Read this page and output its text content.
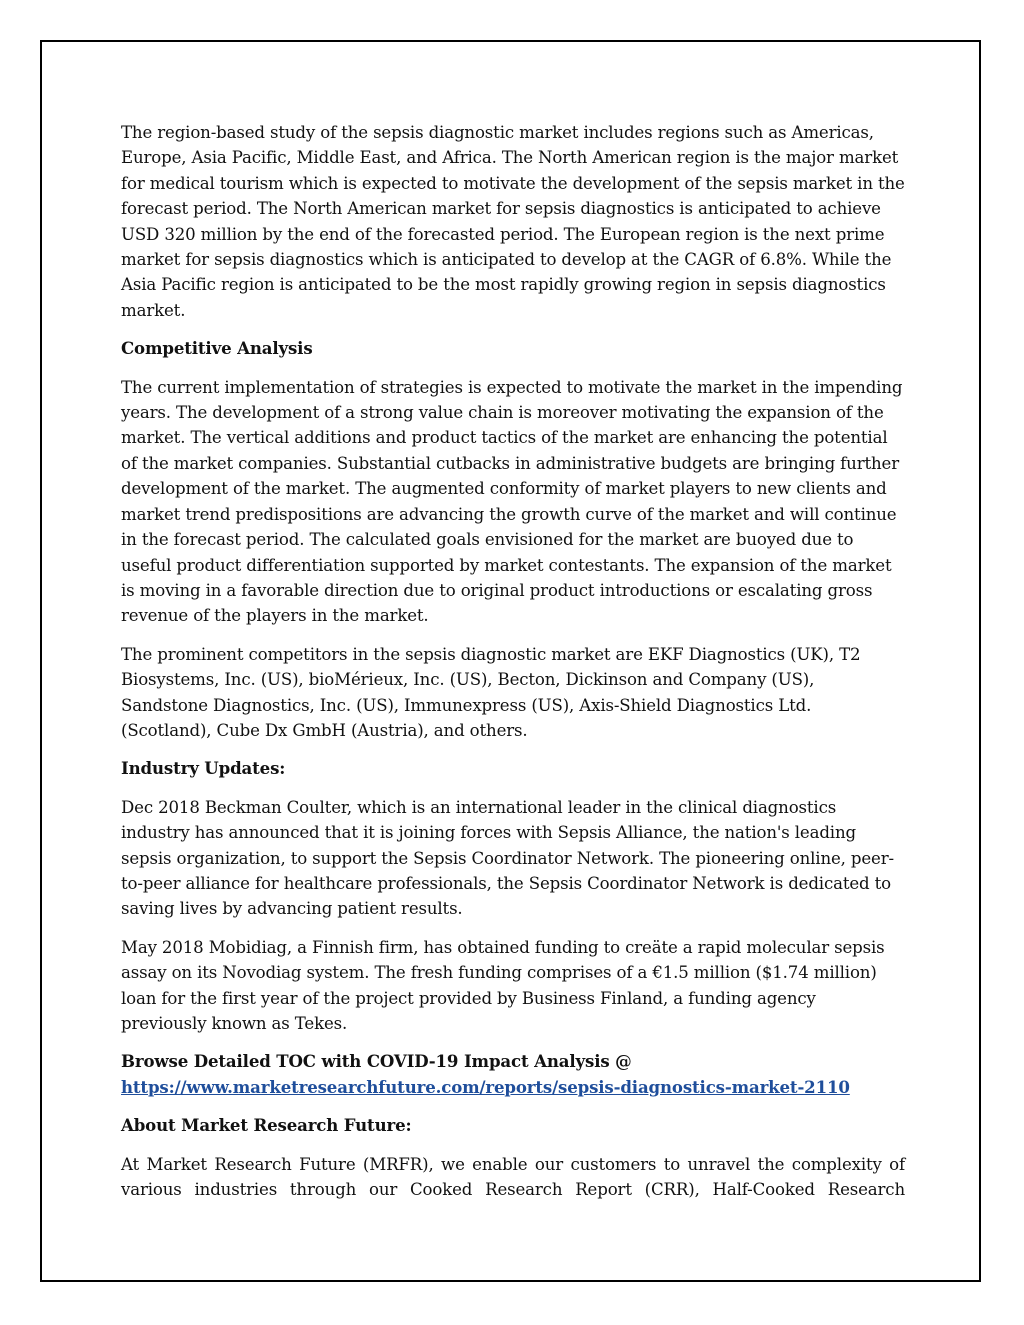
The region-based study of the sepsis diagnostic market includes regions such as Americas, Europe, Asia Pacific, Middle East, and Africa. The North American region is the major market for medical tourism which is expected to motivate the development of the sepsis market in the forecast period. The North American market for sepsis diagnostics is anticipated to achieve USD 320 million by the end of the forecasted period. The European region is the next prime market for sepsis diagnostics which is anticipated to develop at the CAGR of 6.8%. While the Asia Pacific region is anticipated to be the most rapidly growing region in sepsis diagnostics market.

Competitive Analysis

The current implementation of strategies is expected to motivate the market in the impending years. The development of a strong value chain is moreover motivating the expansion of the market. The vertical additions and product tactics of the market are enhancing the potential of the market companies. Substantial cutbacks in administrative budgets are bringing further development of the market. The augmented conformity of market players to new clients and market trend predispositions are advancing the growth curve of the market and will continue in the forecast period. The calculated goals envisioned for the market are buoyed due to useful product differentiation supported by market contestants. The expansion of the market is moving in a favorable direction due to original product introductions or escalating gross revenue of the players in the market.

The prominent competitors in the sepsis diagnostic market are EKF Diagnostics (UK), T2 Biosystems, Inc. (US), bioMérieux, Inc. (US), Becton, Dickinson and Company (US), Sandstone Diagnostics, Inc. (US), Immunexpress (US), Axis-Shield Diagnostics Ltd. (Scotland), Cube Dx GmbH (Austria), and others.

Industry Updates:

Dec 2018 Beckman Coulter, which is an international leader in the clinical diagnostics industry has announced that it is joining forces with Sepsis Alliance, the nation's leading sepsis organization, to support the Sepsis Coordinator Network. The pioneering online, peer-to-peer alliance for healthcare professionals, the Sepsis Coordinator Network is dedicated to saving lives by advancing patient results.

May 2018 Mobidiag, a Finnish firm, has obtained funding to creäte a rapid molecular sepsis assay on its Novodiag system. The fresh funding comprises of a €1.5 million ($1.74 million) loan for the first year of the project provided by Business Finland, a funding agency previously known as Tekes.

Browse Detailed TOC with COVID-19 Impact Analysis @
https://www.marketresearchfuture.com/reports/sepsis-diagnostics-market-2110
About Market Research Future:

At Market Research Future (MRFR), we enable our customers to unravel the complexity of various industries through our Cooked Research Report (CRR), Half-Cooked Research
